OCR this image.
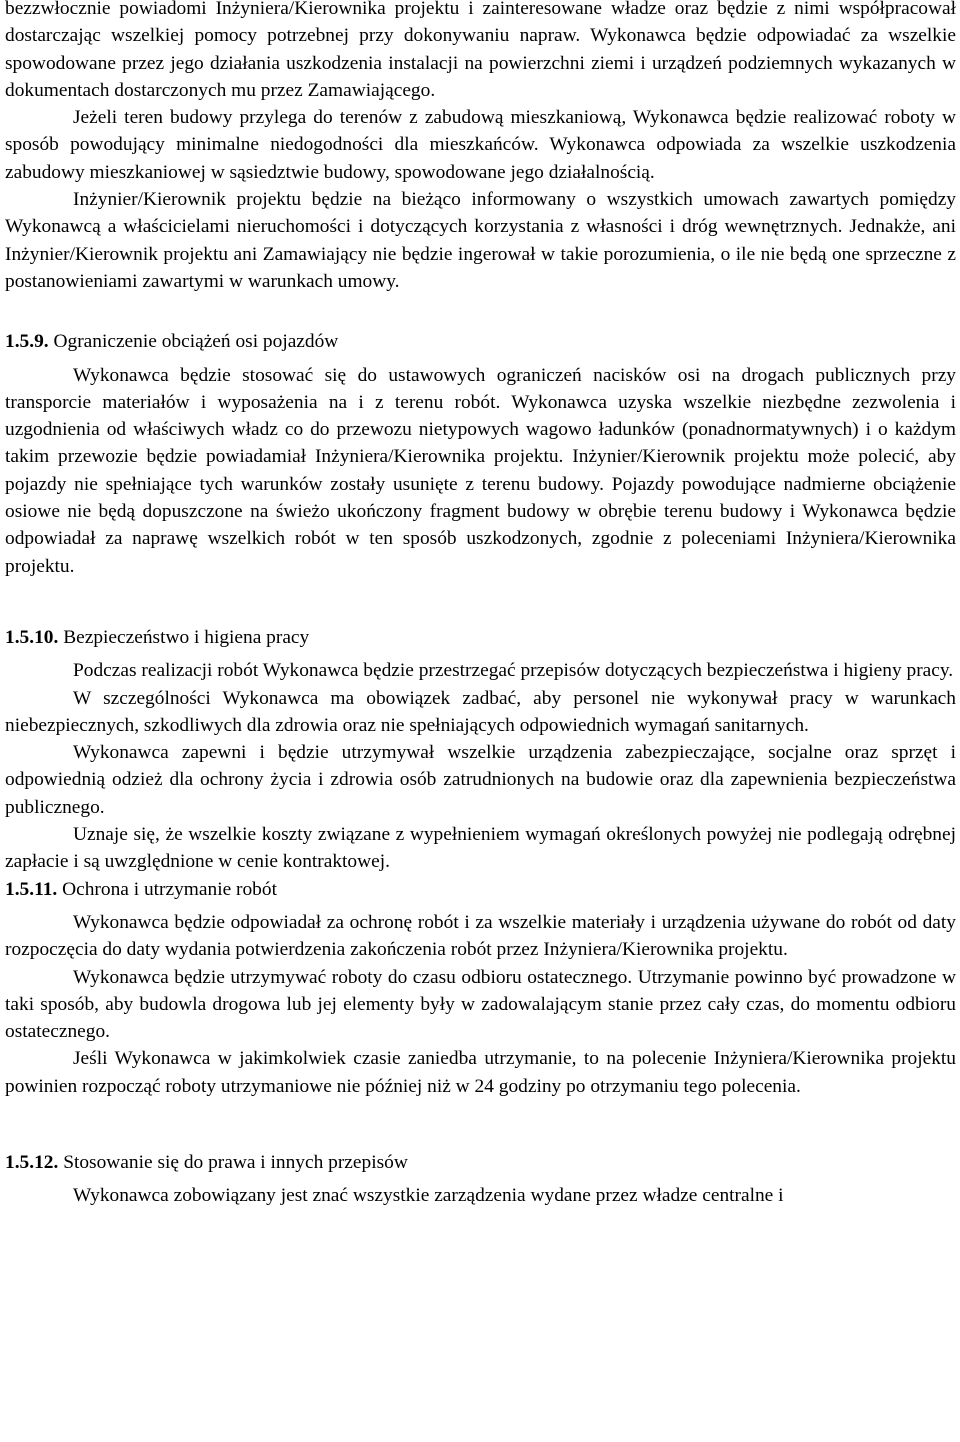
bezzwłocznie powiadomi Inżyniera/Kierownika projektu i zainteresowane władze oraz będzie z nimi współpracował dostarczając wszelkiej pomocy potrzebnej przy dokonywaniu napraw. Wykonawca będzie odpowiadać za wszelkie spowodowane przez jego działania uszkodzenia instalacji na powierzchni ziemi i urządzeń podziemnych wykazanych w dokumentach dostarczonych mu przez Zamawiającego.

Jeżeli teren budowy przylega do terenów z zabudową mieszkaniową, Wykonawca będzie realizować roboty w sposób powodujący minimalne niedogodności dla mieszkańców. Wykonawca odpowiada za wszelkie uszkodzenia zabudowy mieszkaniowej w sąsiedztwie budowy, spowodowane jego działalnością.

Inżynier/Kierownik projektu będzie na bieżąco informowany o wszystkich umowach zawartych pomiędzy Wykonawcą a właścicielami nieruchomości i dotyczących korzystania z własności i dróg wewnętrznych. Jednakże, ani Inżynier/Kierownik projektu ani Zamawiający nie będzie ingerował w takie porozumienia, o ile nie będą one sprzeczne z postanowieniami zawartymi w warunkach umowy.

1.5.9. Ograniczenie obciążeń osi pojazdów

Wykonawca będzie stosować się do ustawowych ograniczeń nacisków osi na drogach publicznych przy transporcie materiałów i wyposażenia na i z terenu robót. Wykonawca uzyska wszelkie niezbędne zezwolenia i uzgodnienia od właściwych władz co do przewozu nietypowych wagowo ładunków (ponadnormatywnych) i o każdym takim przewozie będzie powiadamiał Inżyniera/Kierownika projektu. Inżynier/Kierownik projektu może polecić, aby pojazdy nie spełniające tych warunków zostały usunięte z terenu budowy. Pojazdy powodujące nadmierne obciążenie osiowe nie będą dopuszczone na świeżo ukończony fragment budowy w obrębie terenu budowy i Wykonawca będzie odpowiadał za naprawę wszelkich robót w ten sposób uszkodzonych, zgodnie z poleceniami Inżyniera/Kierownika projektu.

1.5.10. Bezpieczeństwo i higiena pracy

Podczas realizacji robót Wykonawca będzie przestrzegać przepisów dotyczących bezpieczeństwa i higieny pracy.

W szczególności Wykonawca ma obowiązek zadbać, aby personel nie wykonywał pracy w warunkach niebezpiecznych, szkodliwych dla zdrowia oraz nie spełniających odpowiednich wymagań sanitarnych.

Wykonawca zapewni i będzie utrzymywał wszelkie urządzenia zabezpieczające, socjalne oraz sprzęt i odpowiednią odzież dla ochrony życia i zdrowia osób zatrudnionych na budowie oraz dla zapewnienia bezpieczeństwa publicznego.

Uznaje się, że wszelkie koszty związane z wypełnieniem wymagań określonych powyżej nie podlegają odrębnej zapłacie i są uwzględnione w cenie kontraktowej.

1.5.11. Ochrona i utrzymanie robót

Wykonawca będzie odpowiadał za ochronę robót i za wszelkie materiały i urządzenia używane do robót od daty rozpoczęcia do daty wydania potwierdzenia zakończenia robót przez Inżyniera/Kierownika projektu.

Wykonawca będzie utrzymywać roboty do czasu odbioru ostatecznego. Utrzymanie powinno być prowadzone w taki sposób, aby budowla drogowa lub jej elementy były w zadowalającym stanie przez cały czas, do momentu odbioru ostatecznego.

Jeśli Wykonawca w jakimkolwiek czasie zaniedba utrzymanie, to na polecenie Inżyniera/Kierownika projektu powinien rozpocząć roboty utrzymaniowe nie później niż w 24 godziny po otrzymaniu tego polecenia.

1.5.12. Stosowanie się do prawa i innych przepisów

Wykonawca zobowiązany jest znać wszystkie zarządzenia wydane przez władze centralne i
